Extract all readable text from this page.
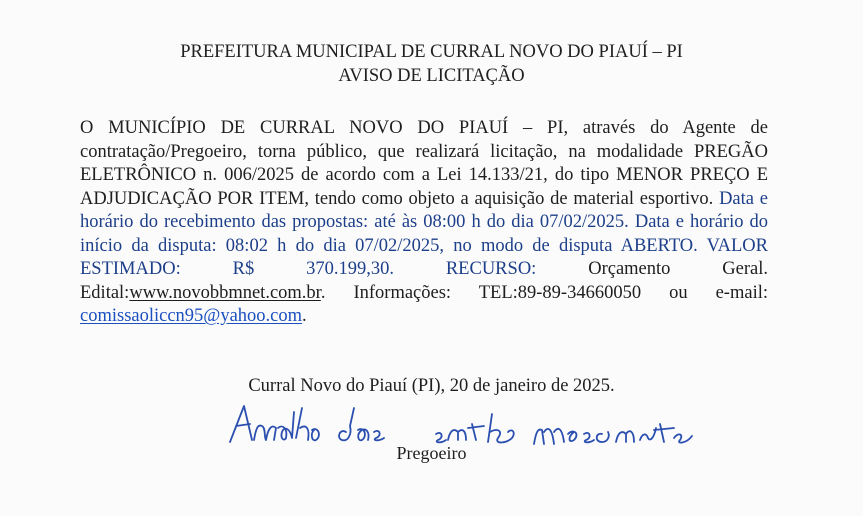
PREFEITURA MUNICIPAL DE CURRAL NOVO DO PIAUÍ – PI
AVISO DE LICITAÇÃO
O MUNICÍPIO DE CURRAL NOVO DO PIAUÍ – PI, através do Agente de contratação/Pregoeiro, torna público, que realizará licitação, na modalidade PREGÃO ELETRÔNICO n. 006/2025 de acordo com a Lei 14.133/21, do tipo MENOR PREÇO E ADJUDICAÇÃO POR ITEM, tendo como objeto a aquisição de material esportivo. Data e horário do recebimento das propostas: até às 08:00 h do dia 07/02/2025. Data e horário do início da disputa: 08:02 h do dia 07/02/2025, no modo de disputa ABERTO. VALOR ESTIMADO: R$ 370.199,30. RECURSO: Orçamento Geral. Edital:www.novobbmnet.com.br. Informações: TEL:89-89-34660050 ou e-mail: comissaoliccn95@yahoo.com.
Curral Novo do Piauí (PI), 20 de janeiro de 2025.
Pregoeiro
